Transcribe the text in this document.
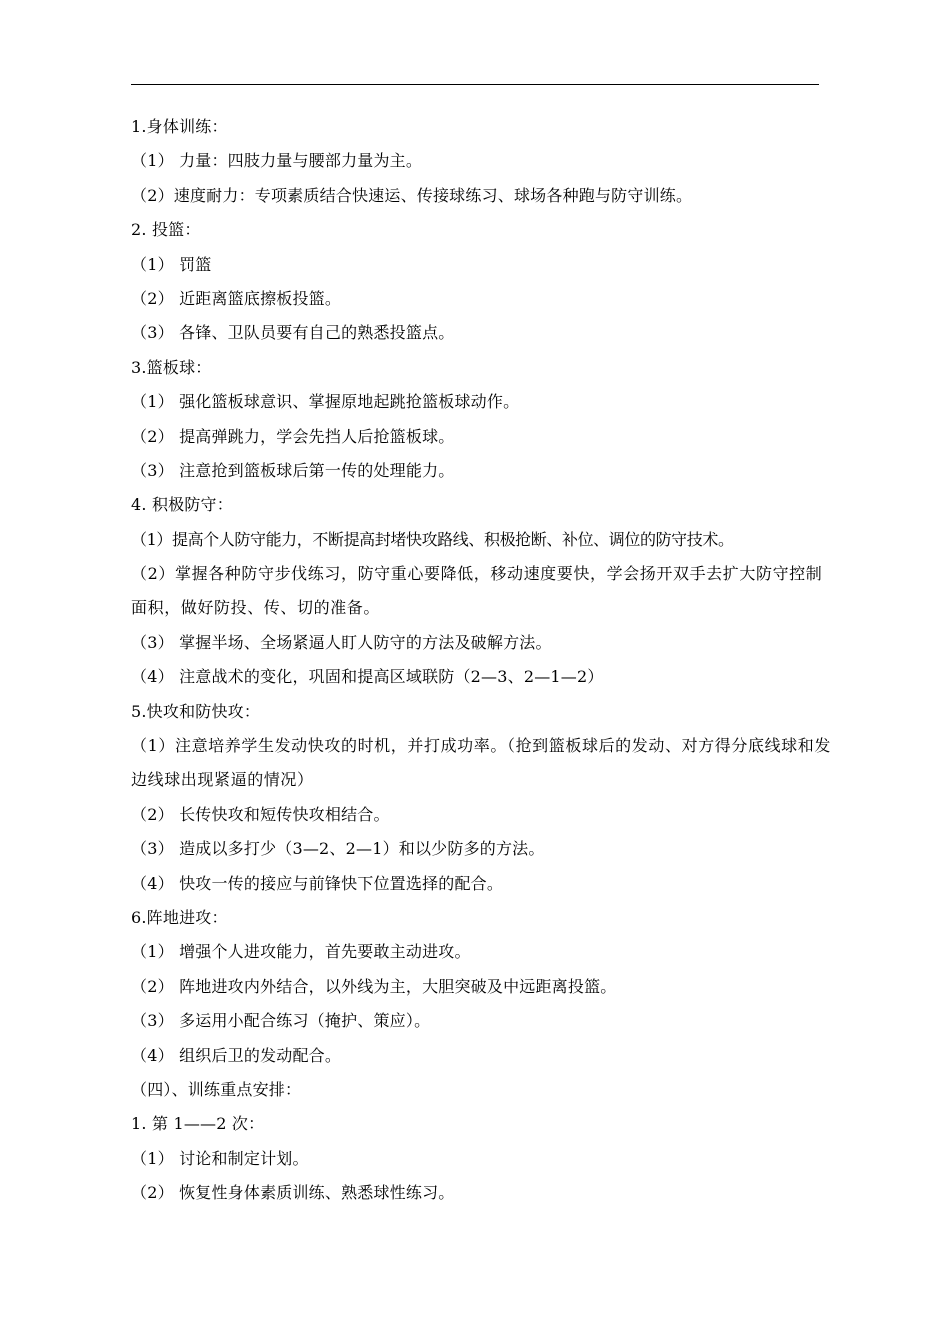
1.身体训练：
（1） 力量：四肢力量与腰部力量为主。
（2）速度耐力：专项素质结合快速运、传接球练习、球场各种跑与防守训练。
2. 投篮：
（1） 罚篮
（2） 近距离篮底擦板投篮。
（3） 各锋、卫队员要有自己的熟悉投篮点。
3.篮板球：
（1） 强化篮板球意识、掌握原地起跳抢篮板球动作。
（2） 提高弹跳力，学会先挡人后抢篮板球。
（3） 注意抢到篮板球后第一传的处理能力。
4. 积极防守：
（1）提高个人防守能力，不断提高封堵快攻路线、积极抢断、补位、调位的防守技术。
（2）掌握各种防守步伐练习，防守重心要降低，移动速度要快，学会扬开双手去扩大防守控制面积，做好防投、传、切的准备。
（3） 掌握半场、全场紧逼人盯人防守的方法及破解方法。
（4） 注意战术的变化，巩固和提高区域联防（2—3、2—1—2）
5.快攻和防快攻：
（1）注意培养学生发动快攻的时机，并打成功率。（抢到篮板球后的发动、对方得分底线球和发边线球出现紧逼的情况）
（2） 长传快攻和短传快攻相结合。
（3） 造成以多打少（3—2、2—1）和以少防多的方法。
（4） 快攻一传的接应与前锋快下位置选择的配合。
6.阵地进攻：
（1） 增强个人进攻能力，首先要敢主动进攻。
（2） 阵地进攻内外结合，以外线为主，大胆突破及中远距离投篮。
（3） 多运用小配合练习（掩护、策应）。
（4） 组织后卫的发动配合。
（四）、训练重点安排：
1. 第 1——2 次：
（1） 讨论和制定计划。
（2） 恢复性身体素质训练、熟悉球性练习。
